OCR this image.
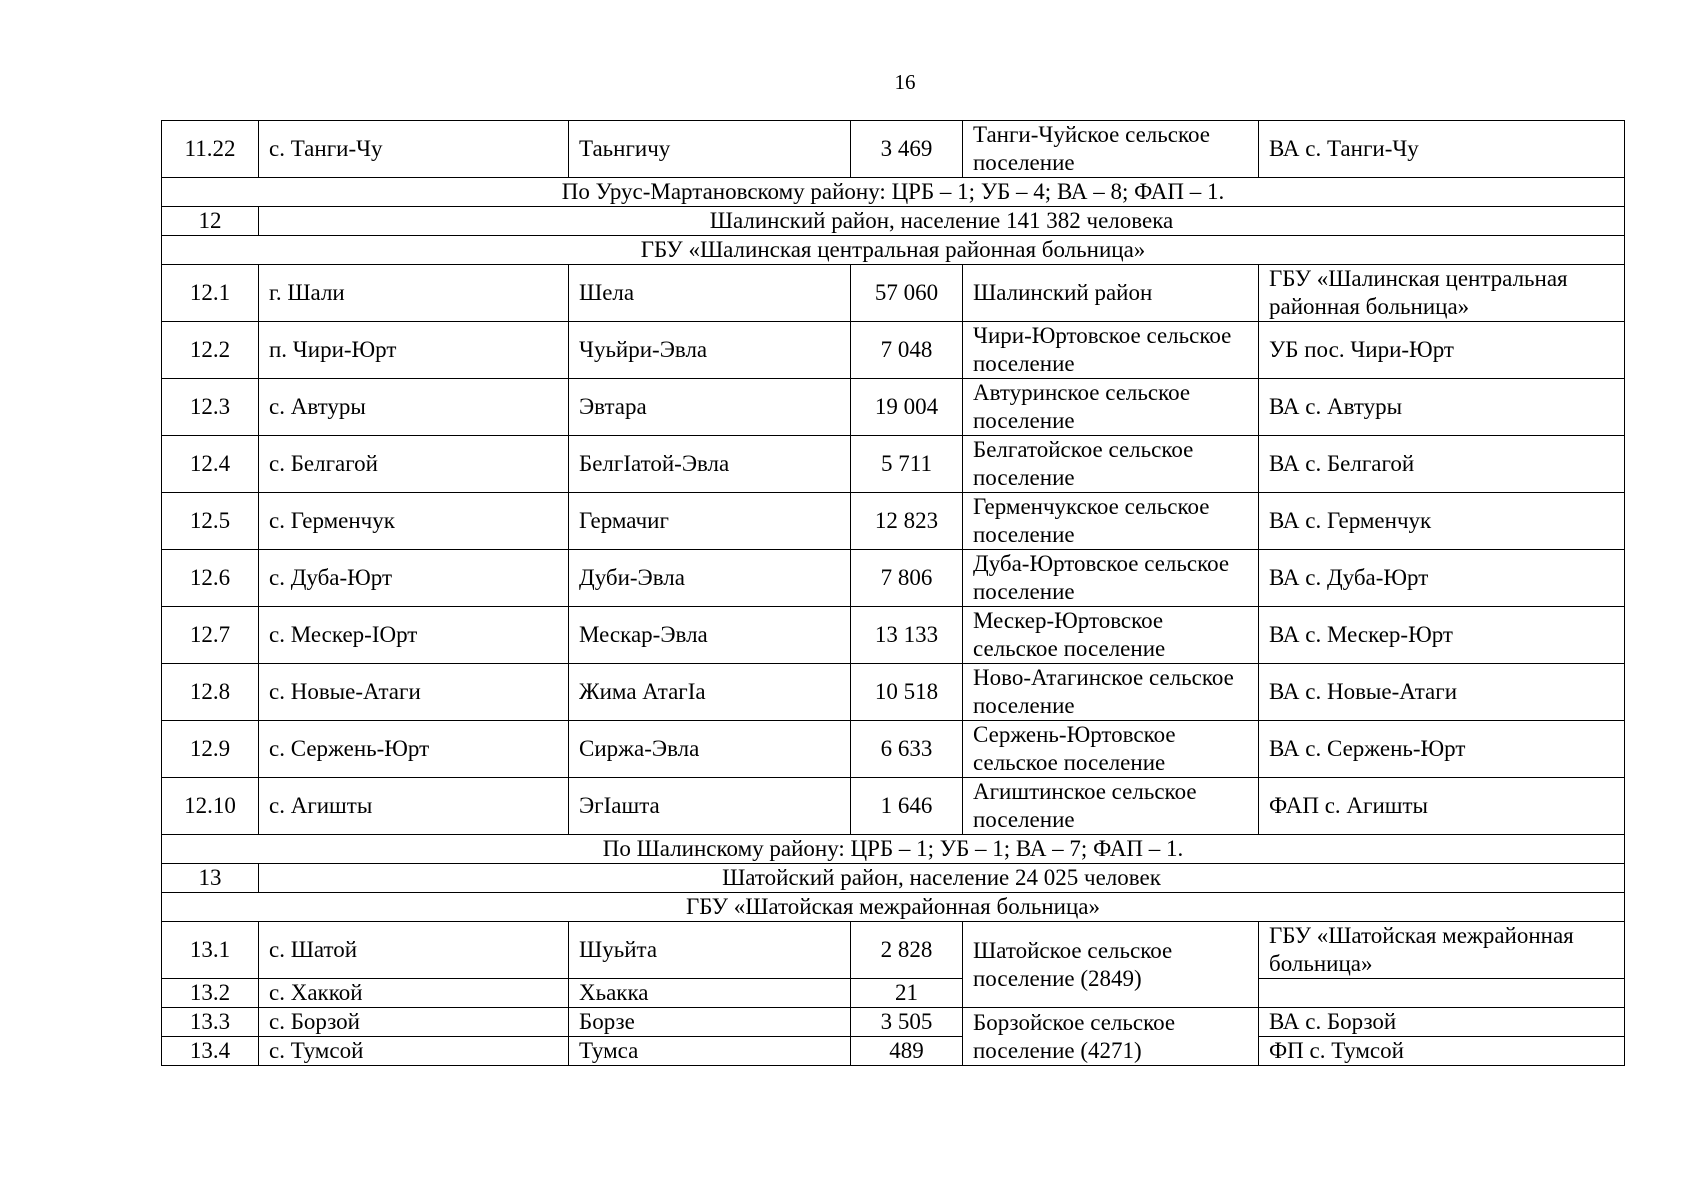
16
11.22	с. Танги-Чу	Таьнгичу	3 469	Танги-Чуйское сельское поселение	ВА с. Танги-Чу
По Урус-Мартановскому району: ЦРБ – 1; УБ – 4; ВА – 8; ФАП – 1.					
12	Шалинский район, население 141 382 человека				
ГБУ «Шалинская центральная районная больница»					
12.1	г. Шали	Шела	57 060	Шалинский район	ГБУ «Шалинская центральная районная больница»
12.2	п. Чири-Юрт	Чуьйри-Эвла	7 048	Чири-Юртовское сельское поселение	УБ пос. Чири-Юрт
12.3	с. Автуры	Эвтара	19 004	Автуринское сельское поселение	ВА с. Автуры
12.4	с. Белгагой	БелгIатой-Эвла	5 711	Белгатойское сельское поселение	ВА с. Белгагой
12.5	с. Герменчук	Гермачиг	12 823	Герменчукское сельское поселение	ВА с. Герменчук
12.6	с. Дуба-Юрт	Дуби-Эвла	7 806	Дуба-Юртовское сельское поселение	ВА с. Дуба-Юрт
12.7	с. Мескер-IОрт	Мескар-Эвла	13 133	Мескер-Юртовское сельское поселение	ВА с. Мескер-Юрт
12.8	с. Новые-Атаги	Жима АтагIа	10 518	Ново-Атагинское сельское поселение	ВА с. Новые-Атаги
12.9	с. Сержень-Юрт	Сиржа-Эвла	6 633	Сержень-Юртовское сельское поселение	ВА с. Сержень-Юрт
12.10	с. Агишты	ЭгIашта	1 646	Агиштинское сельское поселение	ФАП с. Агишты
По Шалинскому району: ЦРБ – 1; УБ – 1; ВА – 7; ФАП – 1.					
13	Шатойский район, население 24 025 человек				
ГБУ «Шатойская межрайонная больница»					
13.1	с. Шатой	Шуьйта	2 828	Шатойское сельское поселение (2849)	ГБУ «Шатойская межрайонная больница»
13.2	с. Хаккой	Хьакка	21		
13.3	с. Борзой	Борзе	3 505	Борзойское сельское поселение (4271)	ВА с. Борзой
13.4	с. Тумсой	Тумса	489		ФП с. Тумсой
